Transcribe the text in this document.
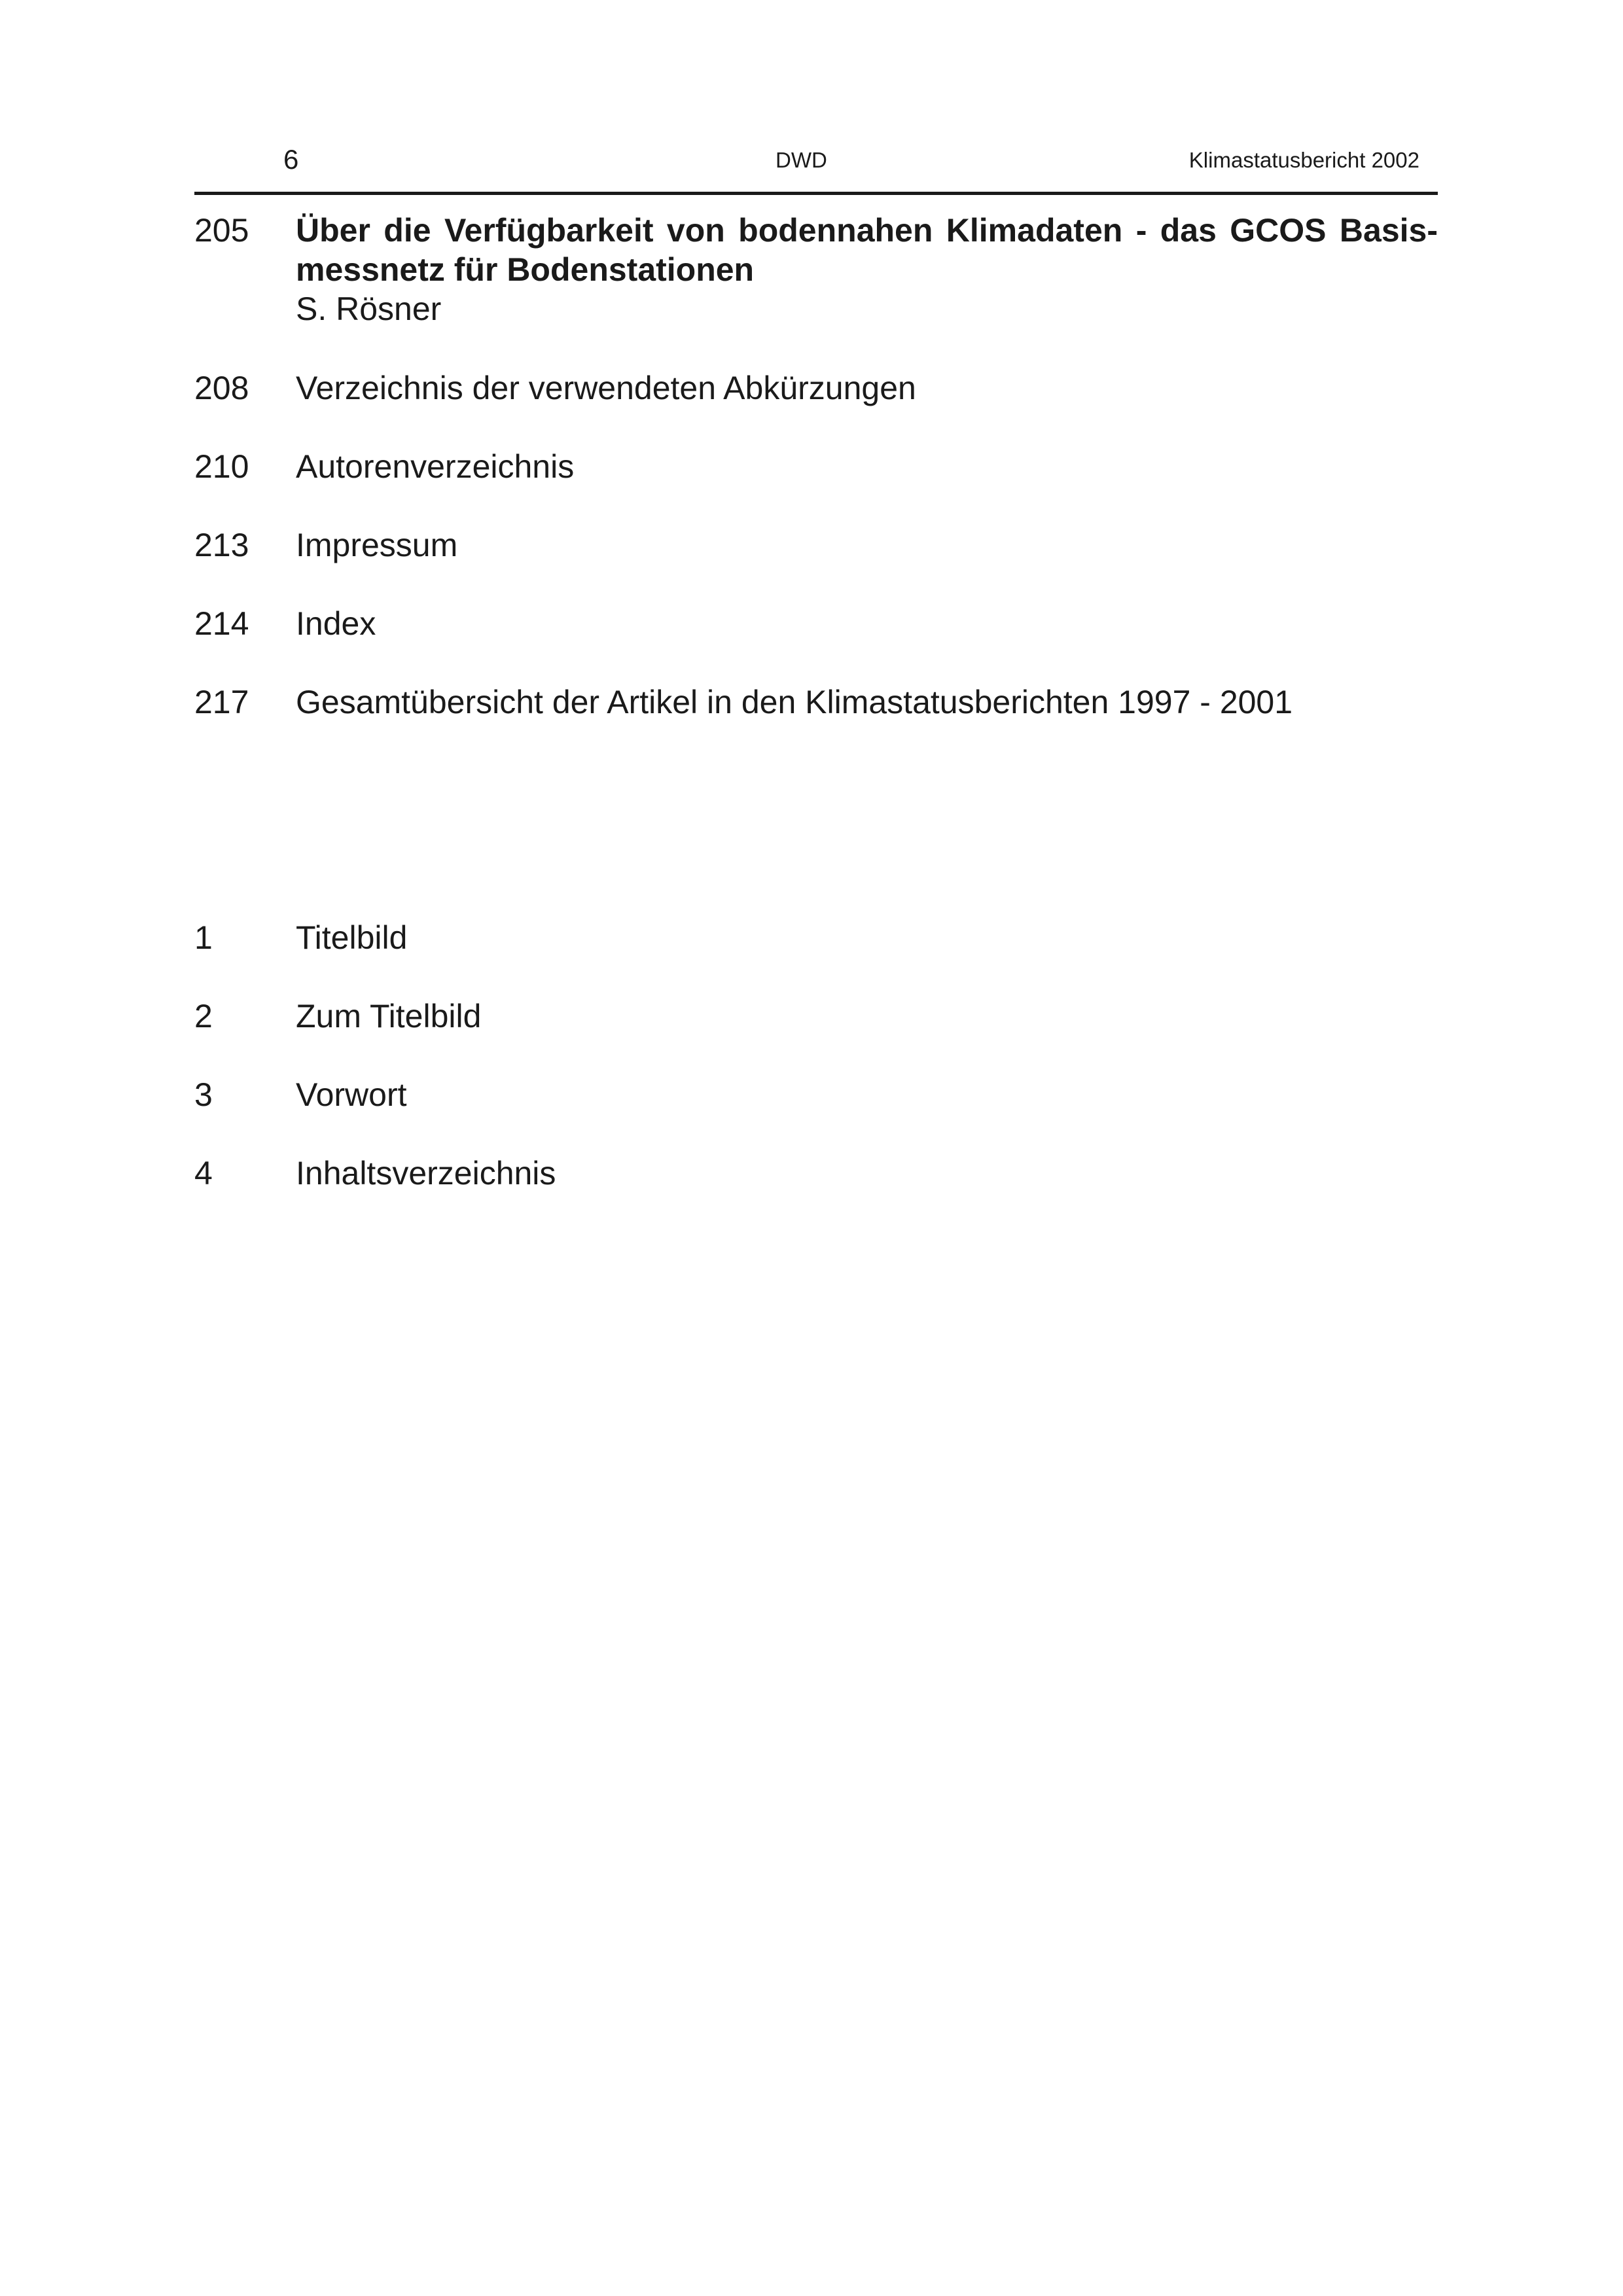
6	DWD	Klimastatusbericht 2002
205 Über die Verfügbarkeit von bodennahen Klimadaten - das GCOS Basis-
messnetz für Bodenstationen
S. Rösner
208 Verzeichnis der verwendeten Abkürzungen
210 Autorenverzeichnis
213 Impressum
214 Index
217 Gesamtübersicht der Artikel in den Klimastatusberichten 1997 - 2001
1	Titelbild
2	Zum Titelbild
3	Vorwort
4	Inhaltsverzeichnis
